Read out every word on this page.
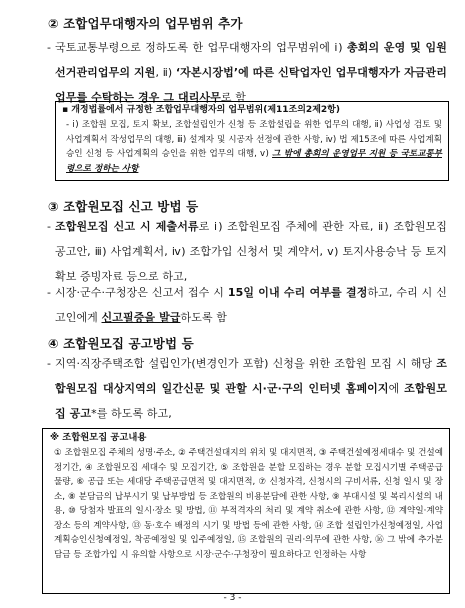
② 조합업무대행자의 업무범위 추가
- 국토교통부령으로 정하도록 한 업무대행자의 업무범위에 ⅰ) 총회의 운영 및 임원 선거관리업무의 지원, ⅱ) ‘자본시장법’에 따른 신탁업자인 업무대행자가 자금관리업무를 수탁하는 경우 그 대리사무로 함
▪ 개정법률에서 규정한 조합업무대행자의 업무범위(제11조의2제2항)
- ⅰ) 조합원 모집, 토지 확보, 조합설립인가 신청 등 조합설립을 위한 업무의 대행, ⅱ) 사업성 검토 및 사업계획서 작성업무의 대행, ⅲ) 설계자 및 시공자 선정에 관한 사항, ⅳ) 법 제15조에 따른 사업계획승인 신청 등 사업계획의 승인을 위한 업무의 대행, ⅴ) 그 밖에 총회의 운영업무 지원 등 국토교통부령으로 정하는 사항
③ 조합원모집 신고 방법 등
- 조합원모집 신고 시 제출서류로 ⅰ) 조합원모집 주체에 관한 자료, ⅱ) 조합원모집 공고안, ⅲ) 사업계획서, ⅳ) 조합가입 신청서 및 계약서, ⅴ) 토지사용승낙 등 토지확보 증빙자료 등으로 하고,
- 시장·군수·구청장은 신고서 접수 시 15일 이내 수리 여부를 결정하고, 수리 시 신고인에게 신고필증을 발급하도록 함
④ 조합원모집 공고방법 등
- 지역·직장주택조합 설립인가(변경인가 포함) 신청을 위한 조합원 모집 시 해당 조합원모집 대상지역의 일간신문 및 관할 시·군·구의 인터넷 홈페이지에 조합원모집 공고*를 하도록 하고,
※ 조합원모집 공고내용
① 조합원모집 주체의 성명·주소, ② 주택건설대지의 위치 및 대지면적, ③ 주택건설예정세대수 및 건설예정기간, ④ 조합원모집 세대수 및 모집기간, ⑤ 조합원을 분할 모집하는 경우 분할 모집시기별 주택공급 물량, ⑥ 공급 또는 세대당 주택공급면적 및 대지면적, ⑦ 신청자격, 신청시의 구비서류, 신청 일시 및 장소, ⑧ 분담금의 납부시기 및 납부방법 등 조합원의 비용분담에 관한 사항, ⑨ 부대시설 및 복리시설의 내용, ⑩ 당첨자 발표의 일시·장소 및 방법, ⑪ 부적격자의 처리 및 계약 취소에 관한 사항, ⑫ 계약일·계약장소 등의 계약사항, ⑬ 동·호수 배정의 시기 및 방법 등에 관한 사항, ⑭ 조합 설립인가신청예정일, 사업계획승인신청예정일, 착공예정일 및 입주예정일, ⑮ 조합원의 권리·의무에 관한 사항, ⑯ 그 밖에 추가분담금 등 조합가입 시 유의할 사항으로 시장·군수·구청장이 필요하다고 인정하는 사항
- 3 -
